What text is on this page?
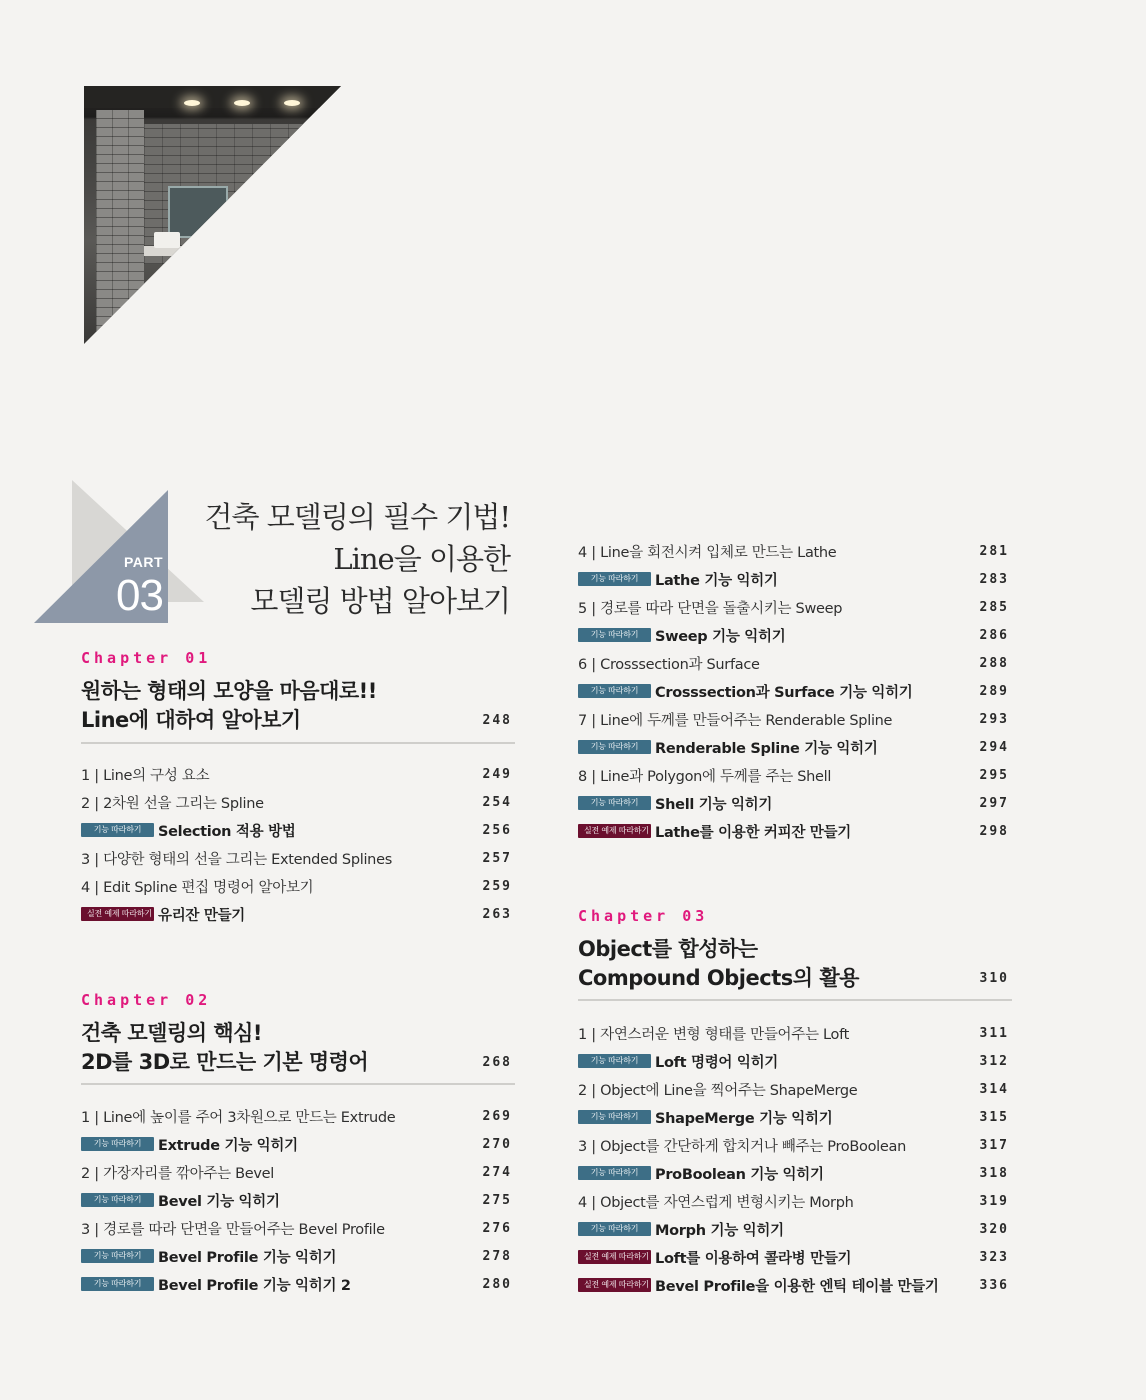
PART
03
건축 모델링의 필수 기법!
Line을 이용한
모델링 방법 알아보기
Chapter 01
원하는 형태의 모양을 마음대로!!
Line에 대하여 알아보기	248
1 | Line의 구성 요소	249
2 | 2차원 선을 그리는 Spline	254
기능 따라하기	Selection 적용 방법	256
3 | 다양한 형태의 선을 그리는 Extended Splines	257
4 | Edit Spline 편집 명령어 알아보기	259
실전 예제 따라하기 유리잔 만들기	263
Chapter 02
건축 모델링의 핵심!
2D를 3D로 만드는 기본 명령어	268
1 | Line에 높이를 주어 3차원으로 만드는 Extrude	269
기능 따라하기	Extrude 기능 익히기	270
2 | 가장자리를 깎아주는 Bevel	274
기능 따라하기	Bevel 기능 익히기	275
3 | 경로를 따라 단면을 만들어주는 Bevel Profile	276
기능 따라하기	Bevel Profile 기능 익히기	278
기능 따라하기	Bevel Profile 기능 익히기 2	280
4 | Line을 회전시켜 입체로 만드는 Lathe	281
기능 따라하기	Lathe 기능 익히기	283
5 | 경로를 따라 단면을 돌출시키는 Sweep	285
기능 따라하기	Sweep 기능 익히기	286
6 | Crosssection과 Surface	288
기능 따라하기	Crosssection과 Surface 기능 익히기	289
7 | Line에 두께를 만들어주는 Renderable Spline	293
기능 따라하기	Renderable Spline 기능 익히기	294
8 | Line과 Polygon에 두께를 주는 Shell	295
기능 따라하기	Shell 기능 익히기	297
실전 예제 따라하기 Lathe를 이용한 커피잔 만들기	298
Chapter 03
Object를 합성하는
Compound Objects의 활용	310
1 | 자연스러운 변형 형태를 만들어주는 Loft	311
기능 따라하기	Loft 명령어 익히기	312
2 | Object에 Line을 찍어주는 ShapeMerge	314
기능 따라하기	ShapeMerge 기능 익히기	315
3 | Object를 간단하게 합치거나 빼주는 ProBoolean	317
기능 따라하기	ProBoolean 기능 익히기	318
4 | Object를 자연스럽게 변형시키는 Morph	319
기능 따라하기	Morph 기능 익히기	320
실전 예제 따라하기 Loft를 이용하여 콜라병 만들기	323
실전 예제 따라하기 Bevel Profile을 이용한 엔틱 테이블 만들기	336
